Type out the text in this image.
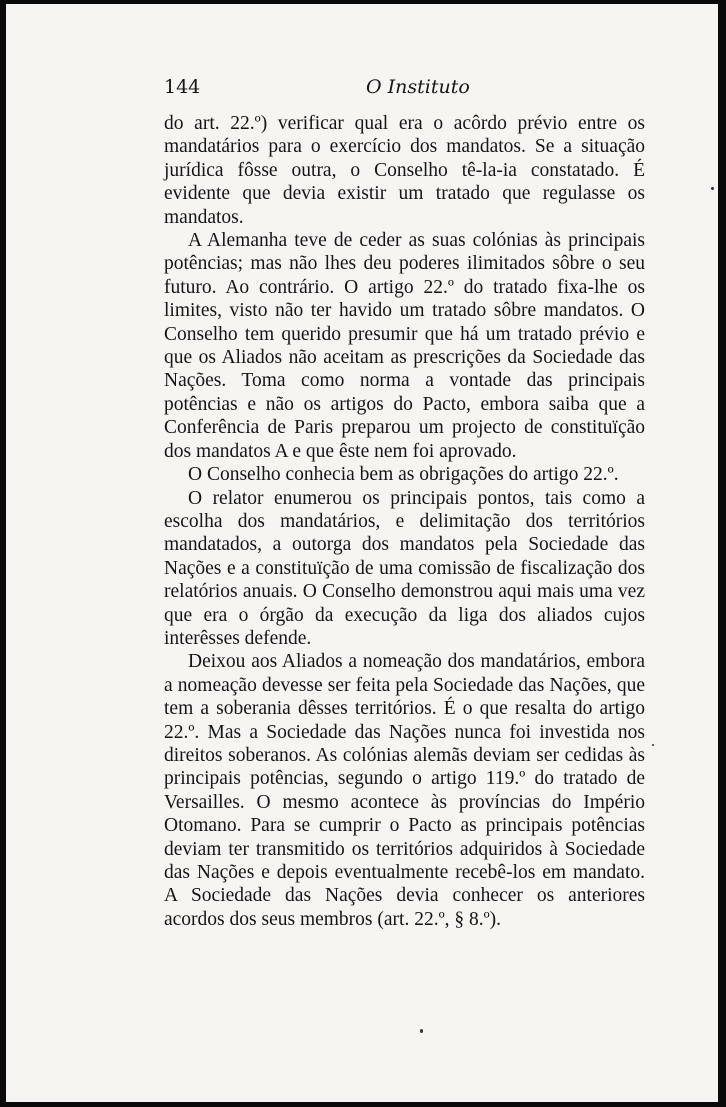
144	O Instituto

do art. 22.º) verificar qual era o acôrdo prévio entre os mandatários para o exercício dos mandatos. Se a situação jurídica fôsse outra, o Conselho tê-la-ia constatado. É evidente que devia existir um tratado que regulasse os mandatos.

A Alemanha teve de ceder as suas colónias às principais potências; mas não lhes deu poderes ilimitados sôbre o seu futuro. Ao contrário. O artigo 22.º do tratado fixa-lhe os limites, visto não ter havido um tratado sôbre mandatos. O Conselho tem querido presumir que há um tratado prévio e que os Aliados não aceitam as prescrições da Sociedade das Nações. Toma como norma a vontade das principais potências e não os artigos do Pacto, embora saiba que a Conferência de Paris preparou um projecto de constituïção dos mandatos A e que êste nem foi aprovado.

O Conselho conhecia bem as obrigações do artigo 22.º.

O relator enumerou os principais pontos, tais como a escolha dos mandatários, e delimitação dos territórios mandatados, a outorga dos mandatos pela Sociedade das Nações e a constituïção de uma comissão de fiscalização dos relatórios anuais. O Conselho demonstrou aqui mais uma vez que era o órgão da execução da liga dos aliados cujos interêsses defende.

Deixou aos Aliados a nomeação dos mandatários, embora a nomeação devesse ser feita pela Sociedade das Nações, que tem a soberania dêsses territórios. É o que resalta do artigo 22.º. Mas a Sociedade das Nações nunca foi investida nos direitos soberanos. As colónias alemãs deviam ser cedidas às principais potências, segundo o artigo 119.º do tratado de Versailles. O mesmo acontece às províncias do Império Otomano. Para se cumprir o Pacto as principais potências deviam ter transmitido os territórios adquiridos à Sociedade das Nações e depois eventualmente recebê-los em mandato. A Sociedade das Nações devia conhecer os anteriores acordos dos seus membros (art. 22.º, § 8.º).
